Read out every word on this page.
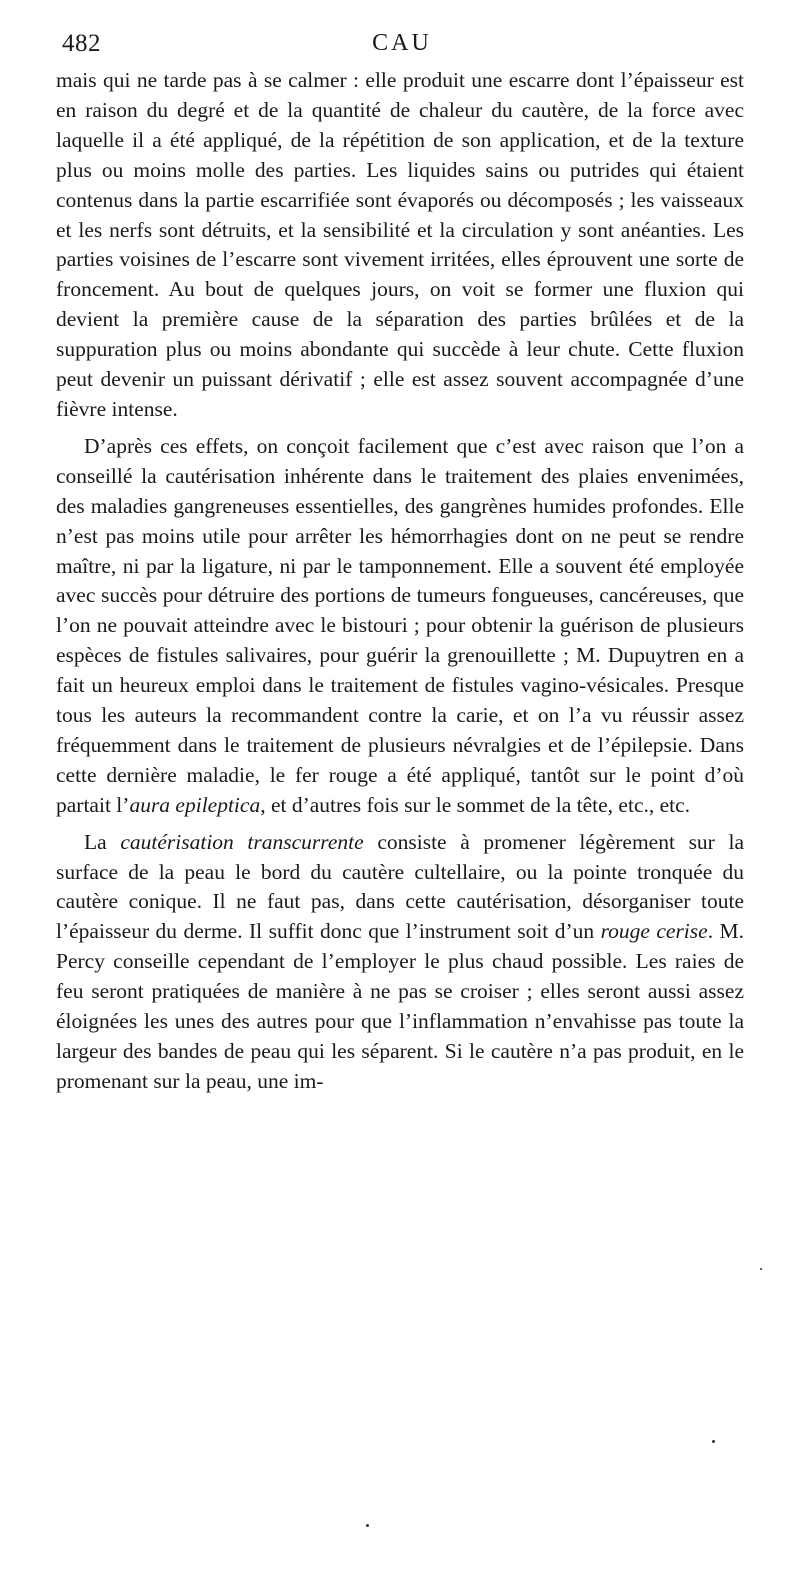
482	CAU

mais qui ne tarde pas à se calmer : elle produit une escarre dont l’épaisseur est en raison du degré et de la quantité de chaleur du cautère, de la force avec laquelle il a été appliqué, de la répétition de son application, et de la texture plus ou moins molle des parties. Les liquides sains ou putrides qui étaient contenus dans la partie escarrifiée sont évaporés ou décomposés ; les vaisseaux et les nerfs sont détruits, et la sensibilité et la circulation y sont anéanties. Les parties voisines de l’escarre sont vivement irritées, elles éprouvent une sorte de froncement. Au bout de quelques jours, on voit se former une fluxion qui devient la première cause de la séparation des parties brûlées et de la suppuration plus ou moins abondante qui succède à leur chute. Cette fluxion peut devenir un puissant dérivatif ; elle est assez souvent accompagnée d’une fièvre intense.

D’après ces effets, on conçoit facilement que c’est avec raison que l’on a conseillé la cautérisation inhérente dans le traitement des plaies envenimées, des maladies gangreneuses essentielles, des gangrènes humides profondes. Elle n’est pas moins utile pour arrêter les hémorrhagies dont on ne peut se rendre maître, ni par la ligature, ni par le tamponnement. Elle a souvent été employée avec succès pour détruire des portions de tumeurs fongueuses, cancéreuses, que l’on ne pouvait atteindre avec le bistouri ; pour obtenir la guérison de plusieurs espèces de fistules salivaires, pour guérir la grenouillette ; M. Dupuytren en a fait un heureux emploi dans le traitement de fistules vagino-vésicales. Presque tous les auteurs la recommandent contre la carie, et on l’a vu réussir assez fréquemment dans le traitement de plusieurs névralgies et de l’épilepsie. Dans cette dernière maladie, le fer rouge a été appliqué, tantôt sur le point d’où partait l’aura epileptica, et d’autres fois sur le sommet de la tête, etc., etc.

La cautérisation transcurrente consiste à promener légèrement sur la surface de la peau le bord du cautère cultellaire, ou la pointe tronquée du cautère conique. Il ne faut pas, dans cette cautérisation, désorganiser toute l’épaisseur du derme. Il suffit donc que l’instrument soit d’un rouge cerise. M. Percy conseille cependant de l’employer le plus chaud possible. Les raies de feu seront pratiquées de manière à ne pas se croiser ; elles seront aussi assez éloignées les unes des autres pour que l’inflammation n’envahisse pas toute la largeur des bandes de peau qui les séparent. Si le cautère n’a pas produit, en le promenant sur la peau, une im-
